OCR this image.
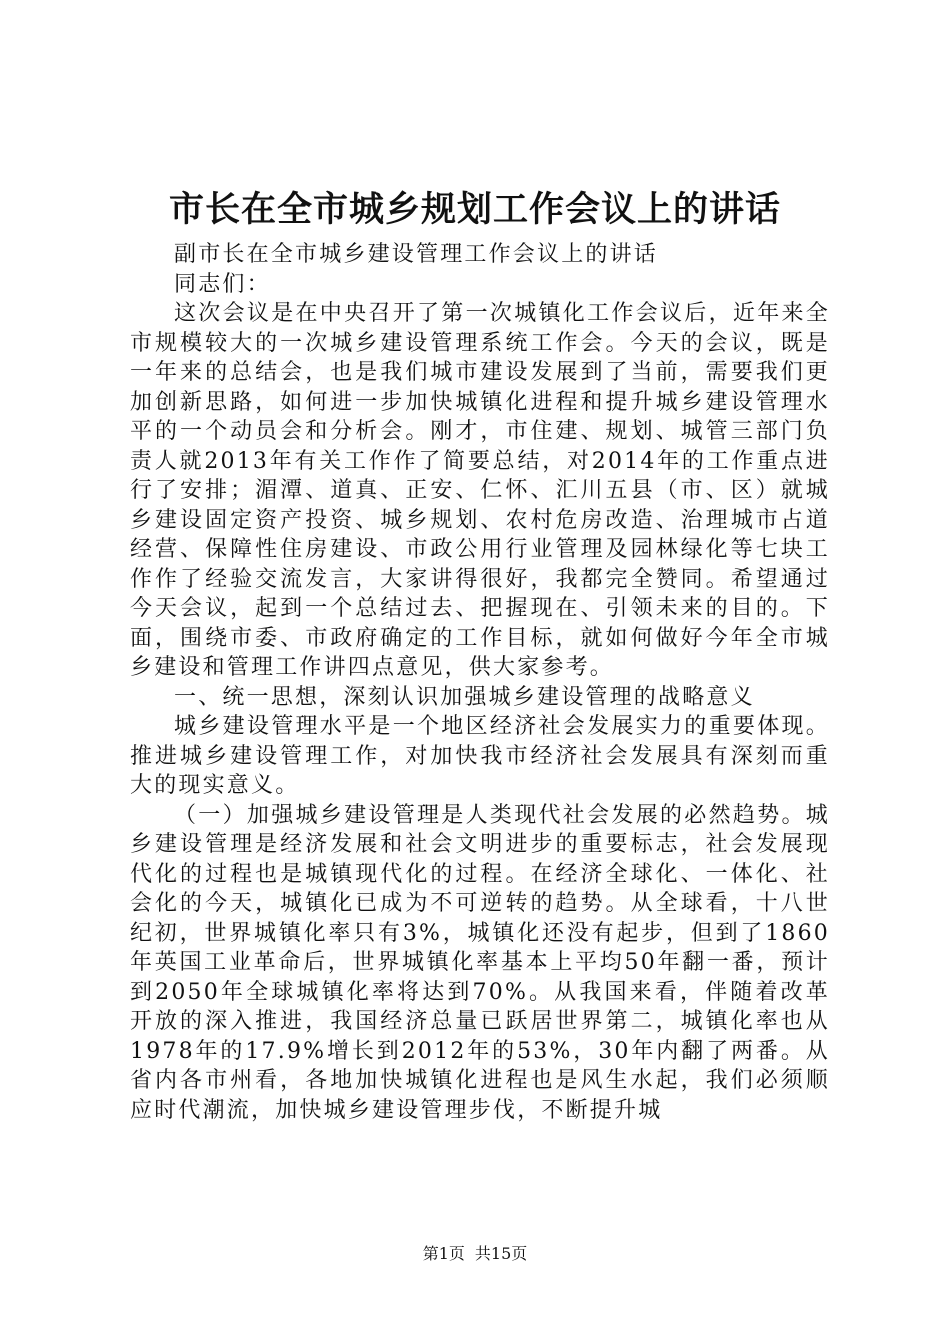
市长在全市城乡规划工作会议上的讲话

副市长在全市城乡建设管理工作会议上的讲话

同志们：

这次会议是在中央召开了第一次城镇化工作会议后，近年来全市规模较大的一次城乡建设管理系统工作会。今天的会议，既是一年来的总结会，也是我们城市建设发展到了当前，需要我们更加创新思路，如何进一步加快城镇化进程和提升城乡建设管理水平的一个动员会和分析会。刚才，市住建、规划、城管三部门负责人就2013年有关工作作了简要总结，对2014年的工作重点进行了安排；湄潭、道真、正安、仁怀、汇川五县（市、区）就城乡建设固定资产投资、城乡规划、农村危房改造、治理城市占道经营、保障性住房建设、市政公用行业管理及园林绿化等七块工作作了经验交流发言，大家讲得很好，我都完全赞同。希望通过今天会议，起到一个总结过去、把握现在、引领未来的目的。下面，围绕市委、市政府确定的工作目标，就如何做好今年全市城乡建设和管理工作讲四点意见，供大家参考。

一、统一思想，深刻认识加强城乡建设管理的战略意义

城乡建设管理水平是一个地区经济社会发展实力的重要体现。推进城乡建设管理工作，对加快我市经济社会发展具有深刻而重大的现实意义。

（一）加强城乡建设管理是人类现代社会发展的必然趋势。城乡建设管理是经济发展和社会文明进步的重要标志，社会发展现代化的过程也是城镇现代化的过程。在经济全球化、一体化、社会化的今天，城镇化已成为不可逆转的趋势。从全球看，十八世纪初，世界城镇化率只有3%，城镇化还没有起步，但到了1860年英国工业革命后，世界城镇化率基本上平均50年翻一番，预计到2050年全球城镇化率将达到70%。从我国来看，伴随着改革开放的深入推进，我国经济总量已跃居世界第二，城镇化率也从1978年的17.9%增长到2012年的53%，30年内翻了两番。从省内各市州看，各地加快城镇化进程也是风生水起，我们必须顺应时代潮流，加快城乡建设管理步伐，不断提升城

第1页 共15页
